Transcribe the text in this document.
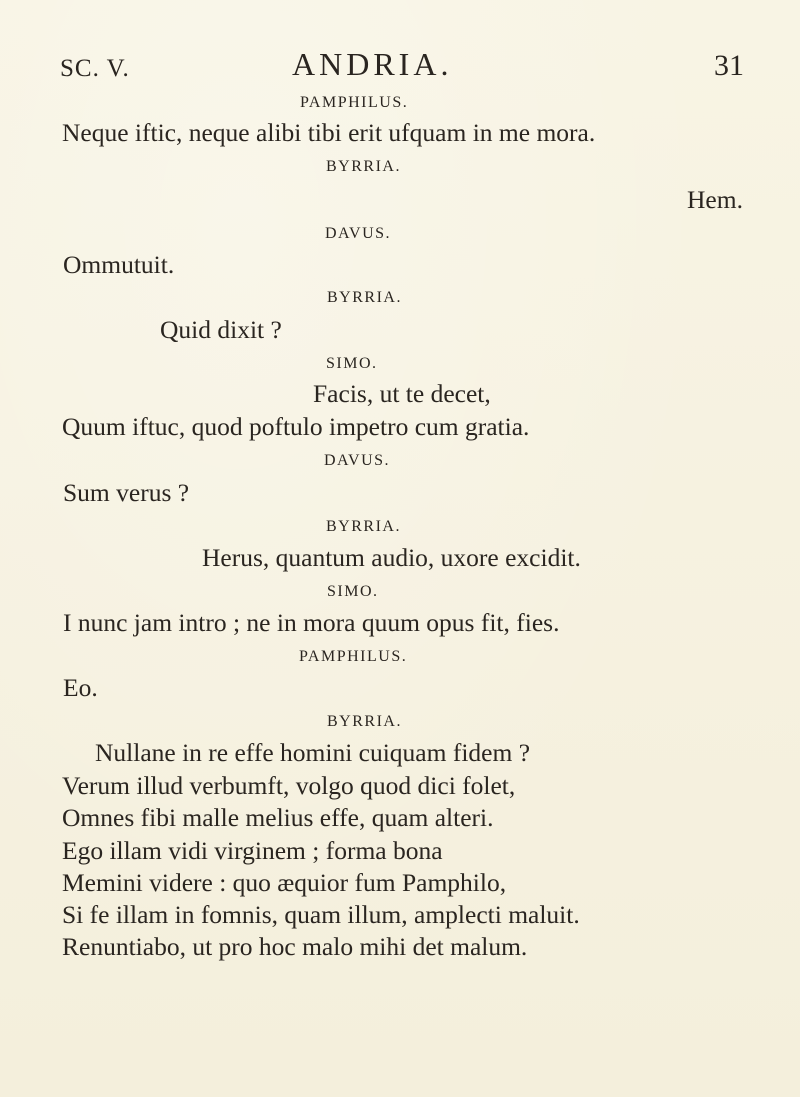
SC. V.	ANDRIA.	31
PAMPHILUS.
Neque iftic, neque alibi tibi erit ufquam in me mora.
BYRRIA.
Hem.
DAVUS.
Ommutuit.
BYRRIA.
Quid dixit ?
SIMO.
Facis, ut te decet,
Quum iftuc, quod poftulo impetro cum gratia.
DAVUS.
Sum verus ?
BYRRIA.
Herus, quantum audio, uxore excidit.
SIMO.
I nunc jam intro ; ne in mora quum opus fit, fies.
PAMPHILUS.
Eo.
BYRRIA.
Nullane in re effe homini cuiquam fidem ?
Verum illud verbumft, volgo quod dici folet,
Omnes fibi malle melius effe, quam alteri.
Ego illam vidi virginem ; forma bona
Memini videre : quo æquior fum Pamphilo,
Si fe illam in fomnis, quam illum, amplecti maluit.
Renuntiabo, ut pro hoc malo mihi det malum.
